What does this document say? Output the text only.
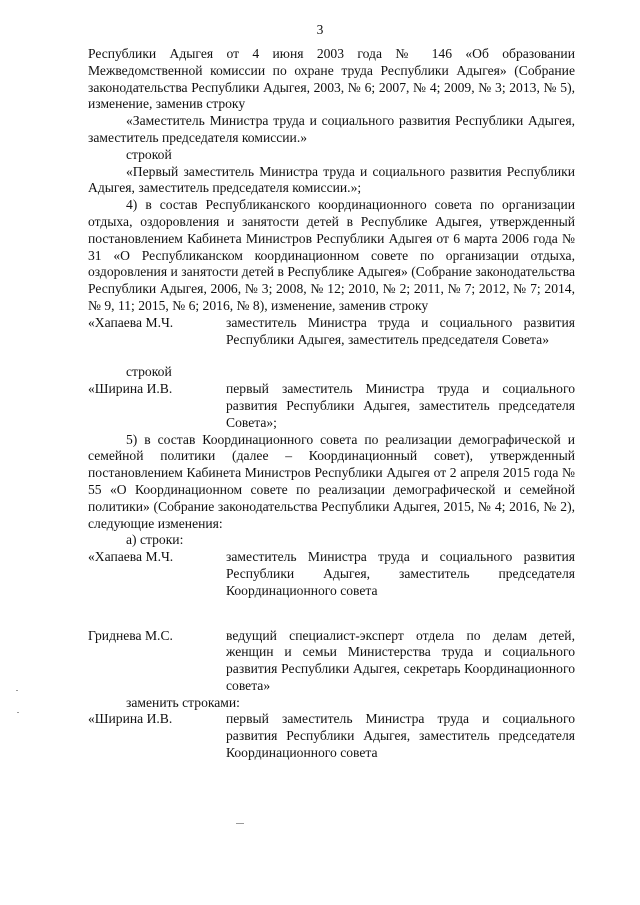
3

Республики Адыгея от 4 июня 2003 года № 146 «Об образовании Межведомственной комиссии по охране труда Республики Адыгея» (Собрание законодательства Республики Адыгея, 2003, № 6; 2007, № 4; 2009, № 3; 2013, № 5), изменение, заменив строку

«Заместитель Министра труда и социального развития Республики Адыгея, заместитель председателя комиссии.»

строкой

«Первый заместитель Министра труда и социального развития Республики Адыгея, заместитель председателя комиссии.»;

4) в состав Республиканского координационного совета по организации отдыха, оздоровления и занятости детей в Республике Адыгея, утвержденный постановлением Кабинета Министров Республики Адыгея от 6 марта 2006 года № 31 «О Республиканском координационном совете по организации отдыха, оздоровления и занятости детей в Республике Адыгея» (Собрание законодательства Республики Адыгея, 2006, № 3; 2008, № 12; 2010, № 2; 2011, № 7; 2012, № 7; 2014, № 9, 11; 2015, № 6; 2016, № 8), изменение, заменив строку

«Хапаева М.Ч.	заместитель Министра труда и социального развития Республики Адыгея, заместитель председателя Совета»

строкой

«Ширина И.В.	первый заместитель Министра труда и социального развития Республики Адыгея, заместитель председателя Совета»;

5) в состав Координационного совета по реализации демографической и семейной политики (далее – Координационный совет), утвержденный постановлением Кабинета Министров Республики Адыгея от 2 апреля 2015 года № 55 «О Координационном совете по реализации демографической и семейной политики» (Собрание законодательства Республики Адыгея, 2015, № 4; 2016, № 2), следующие изменения:

а) строки:

«Хапаева М.Ч.	заместитель Министра труда и социального развития Республики Адыгея, заместитель председателя Координационного совета
Гриднева М.С.	ведущий специалист-эксперт отдела по делам детей, женщин и семьи Министерства труда и социального развития Республики Адыгея, секретарь Координационного совета»

заменить строками:

«Ширина И.В.	первый заместитель Министра труда и социального развития Республики Адыгея, заместитель председателя Координационного совета
